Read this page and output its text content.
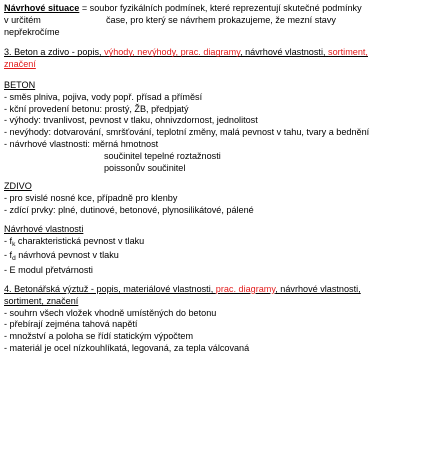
Návrhové situace = soubor fyzikálních podmínek, které reprezentují skutečné podmínky
v určitém	čase, pro který se návrhem prokazujeme, že mezní stavy
nepřekročíme
3. Beton a zdivo - popis, výhody, nevýhody, prac. diagramy, návrhové vlastnosti, sortiment,
značení
BETON
- směs plniva, pojiva, vody popř. přísad a příměsí
- kční provedení betonu: prostý, ŽB, předpjatý
- výhody: trvanlivost, pevnost v tlaku, ohnivzdornost, jednolitost
- nevýhody: dotvarování, smršťování, teplotní změny, malá pevnost v tahu, tvary a bednění
- návrhové vlastnosti: měrná hmotnost
součinitel tepelné roztažnosti
poissonův součinitel
ZDIVO
- pro svislé nosné kce, případně pro klenby
- zdící prvky: plné, dutinové, betonové, plynosilikátové, pálené
Návrhové vlastnosti
- $f_k$ charakteristická pevnost v tlaku
- $f_d$ návrhová pevnost v tlaku
- E modul přetvárnosti
4. Betonářská výztuž - popis, materiálové vlastnosti, prac. diagramy, návrhové vlastnosti,
sortiment, značení
- souhrn všech vložek vhodně umístěných do betonu
- přebírají zejména tahová napětí
- množství a poloha se řídí statickým výpočtem
- materiál je ocel nízkouhlíkatá, legovaná, za tepla válcovaná
